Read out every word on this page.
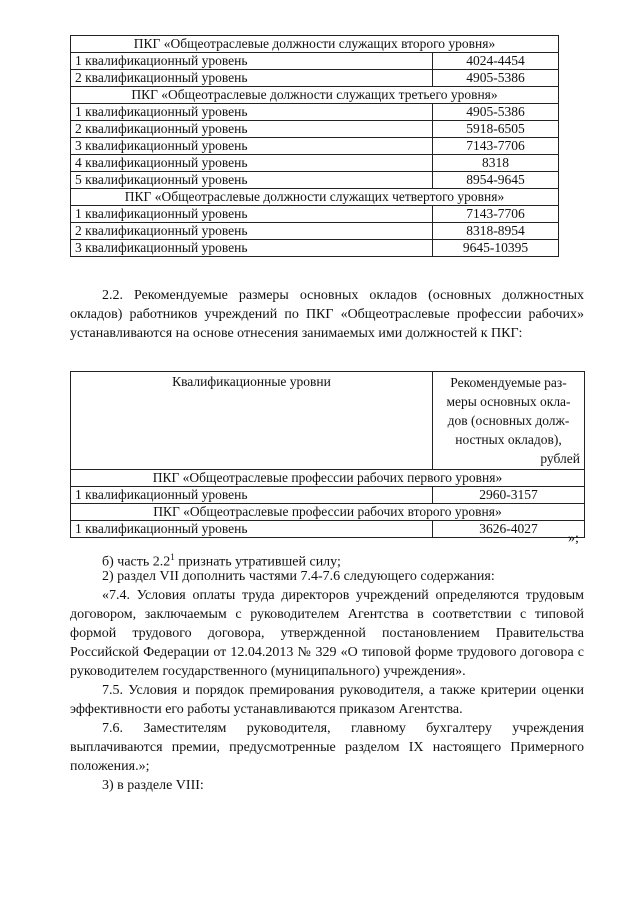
ПКГ «Общеотраслевые должности служащих второго уровня»	
1 квалификационный уровень	4024-4454
2 квалификационный уровень	4905-5386
ПКГ «Общеотраслевые должности служащих третьего уровня»	
1 квалификационный уровень	4905-5386
2 квалификационный уровень	5918-6505
3 квалификационный уровень	7143-7706
4 квалификационный уровень	8318
5 квалификационный уровень	8954-9645
ПКГ «Общеотраслевые должности служащих четвертого уровня»	
1 квалификационный уровень	7143-7706
2 квалификационный уровень	8318-8954
3 квалификационный уровень	9645-10395

2.2. Рекомендуемые размеры основных окладов (основных должностных окладов) работников учреждений по ПКГ «Общеотраслевые профессии рабочих» устанавливаются на основе отнесения занимаемых ими должностей к ПКГ:

Квалификационные уровни	Рекомендуемые раз-
меры основных окла-
дов (основных долж-
ностных окладов),

рублей

ПКГ «Общеотраслевые профессии рабочих первого уровня»	
1 квалификационный уровень	2960-3157
ПКГ «Общеотраслевые профессии рабочих второго уровня»	
1 квалификационный уровень	3626-4027
»;

б) часть $2.2^1$ признать утратившей силу;

2) раздел VII дополнить частями 7.4-7.6 следующего содержания:

«7.4. Условия оплаты труда директоров учреждений определяются трудовым договором, заключаемым с руководителем Агентства в соответствии с типовой формой трудового договора, утвержденной постановлением Правительства Российской Федерации от 12.04.2013 № 329 «О типовой форме трудового договора с руководителем государственного (муниципального) учреждения».

7.5. Условия и порядок премирования руководителя, а также критерии оценки эффективности его работы устанавливаются приказом Агентства.

7.6. Заместителям руководителя, главному бухгалтеру учреждения выплачиваются премии, предусмотренные разделом IX настоящего Примерного положения.»;

3) в разделе VIII:
